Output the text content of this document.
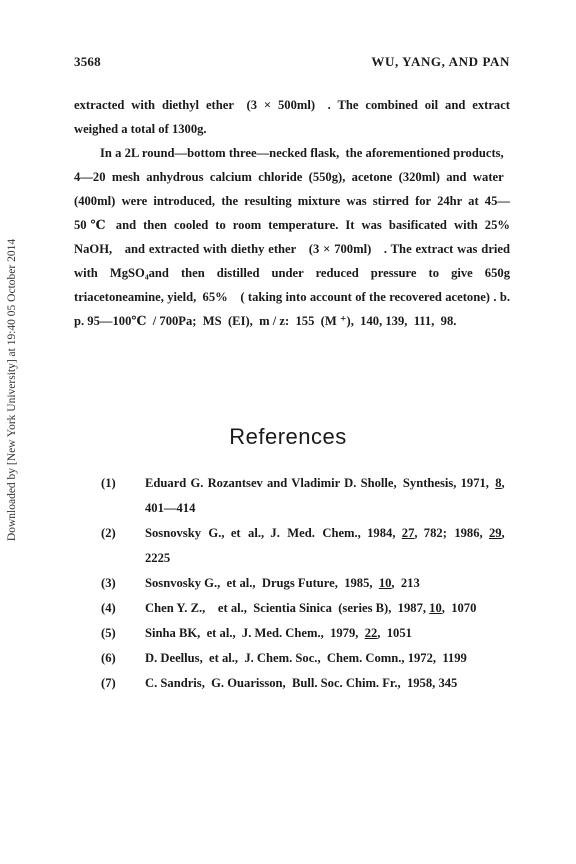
Downloaded by [New York University] at 19:40 05 October 2014
3568	WU, YANG, AND PAN

extracted with diethyl ether (3 × 500ml) . The combined oil and extract weighed a total of 1300g.

In a 2L round—bottom three—necked flask, the aforementioned products, 4—20 mesh anhydrous calcium chloride (550g), acetone (320ml) and water (400ml) were introduced, the resulting mixture was stirred for 24hr at 45—50℃ and then cooled to room temperature. It was basificated with 25% NaOH, and extracted with diethy ether (3 × 700ml) . The extract was dried with MgSO₄and then distilled under reduced pressure to give 650g triacetoneamine, yield, 65%  ( taking into account of the recovered acetone) . b. p. 95—100℃ / 700Pa; MS (EI), m / z: 155 (M ⁺), 140, 139, 111, 98.

References
(1) Eduard G. Rozantsev and Vladimir D. Sholle, Synthesis, 1971, 8, 401—414
(2) Sosnovsky G., et al., J. Med. Chem., 1984, 27, 782; 1986, 29, 2225
(3) Sosnvosky G., et al., Drugs Future, 1985, 10, 213
(4) Chen Y. Z.,  et al., Scientia Sinica (series B), 1987, 10, 1070
(5) Sinha BK, et al., J. Med. Chem., 1979, 22, 1051
(6) D. Deellus, et al., J. Chem. Soc., Chem. Comn., 1972, 1199
(7) C. Sandris, G. Ouarisson, Bull. Soc. Chim. Fr., 1958, 345
